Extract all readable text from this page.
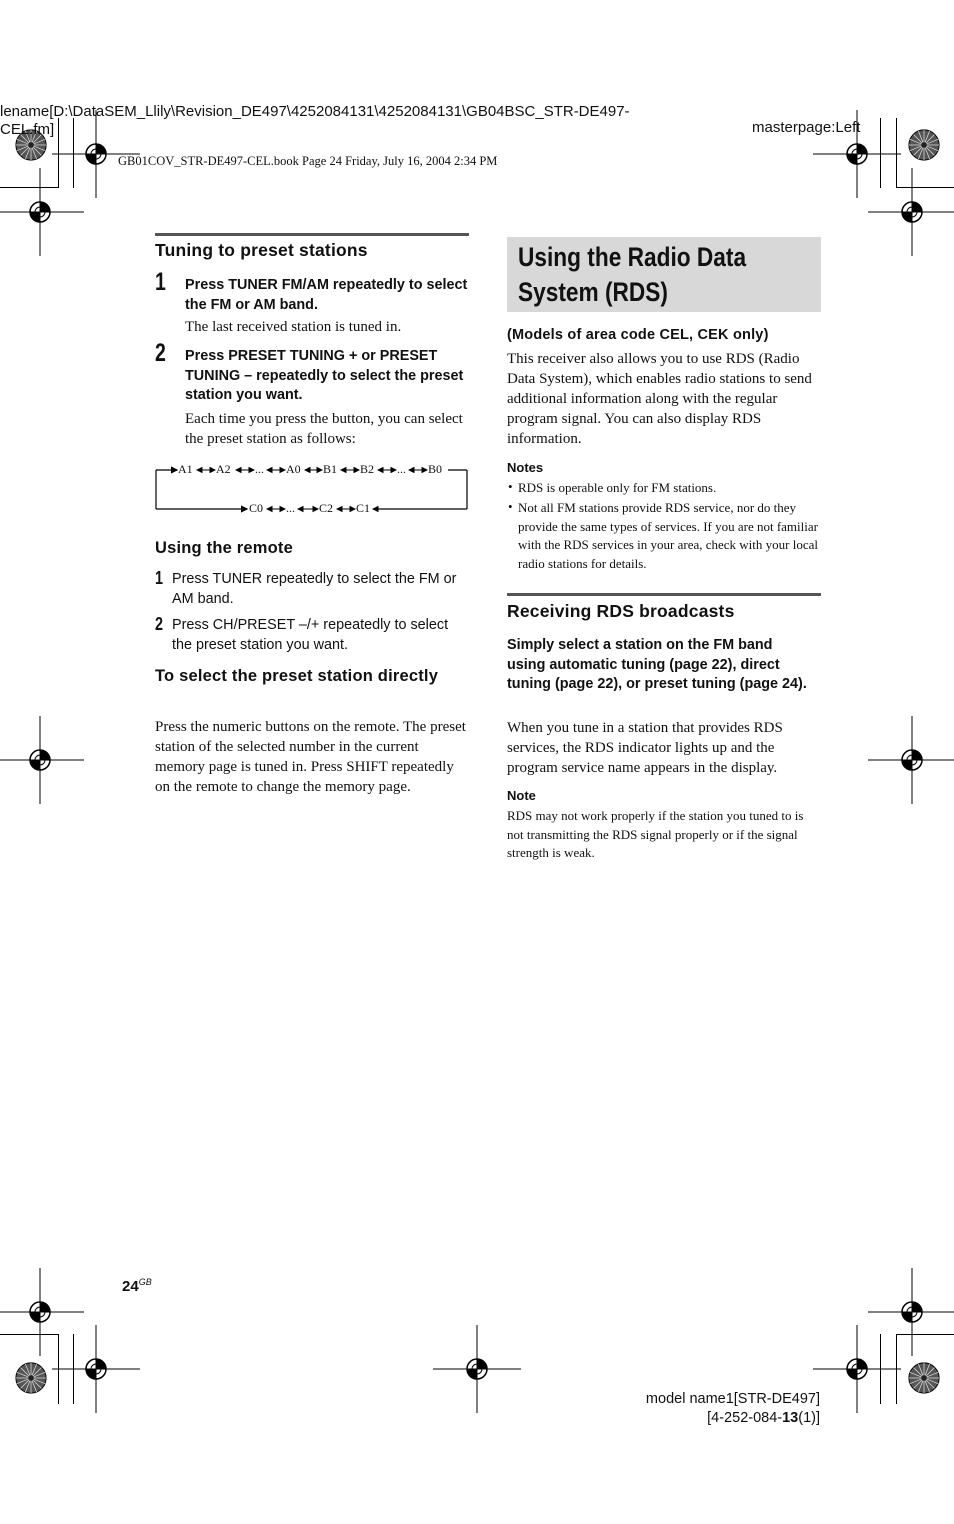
lename[D:\DataSEM_Llily\Revision_DE497\4252084131\4252084131\GB04BSC_STR-DE497-
CEL.fm]	masterpage:Left
GB01COV_STR-DE497-CEL.book Page 24 Friday, July 16, 2004 2:34 PM
Tuning to preset stations
1 Press TUNER FM/AM repeatedly to select the FM or AM band.
The last received station is tuned in.
2 Press PRESET TUNING + or PRESET TUNING – repeatedly to select the preset station you want.
Each time you press the button, you can select the preset station as follows:
A1 A2 ... A0 B1 B2 ... B0
C0 ... C2 C1
Using the remote
1 Press TUNER repeatedly to select the FM or AM band.
2 Press CH/PRESET –/+ repeatedly to select the preset station you want.
To select the preset station directly
Press the numeric buttons on the remote. The preset station of the selected number in the current memory page is tuned in. Press SHIFT repeatedly on the remote to change the memory page.
Using the Radio Data System (RDS)
(Models of area code CEL, CEK only)
This receiver also allows you to use RDS (Radio Data System), which enables radio stations to send additional information along with the regular program signal. You can also display RDS information.
Notes
• RDS is operable only for FM stations.
• Not all FM stations provide RDS service, nor do they provide the same types of services. If you are not familiar with the RDS services in your area, check with your local radio stations for details.
Receiving RDS broadcasts
Simply select a station on the FM band using automatic tuning (page 22), direct tuning (page 22), or preset tuning (page 24).
When you tune in a station that provides RDS services, the RDS indicator lights up and the program service name appears in the display.
Note
RDS may not work properly if the station you tuned to is not transmitting the RDS signal properly or if the signal strength is weak.
$24^{GB}$
model name1[STR-DE497]
[4-252-084-13(1)]
